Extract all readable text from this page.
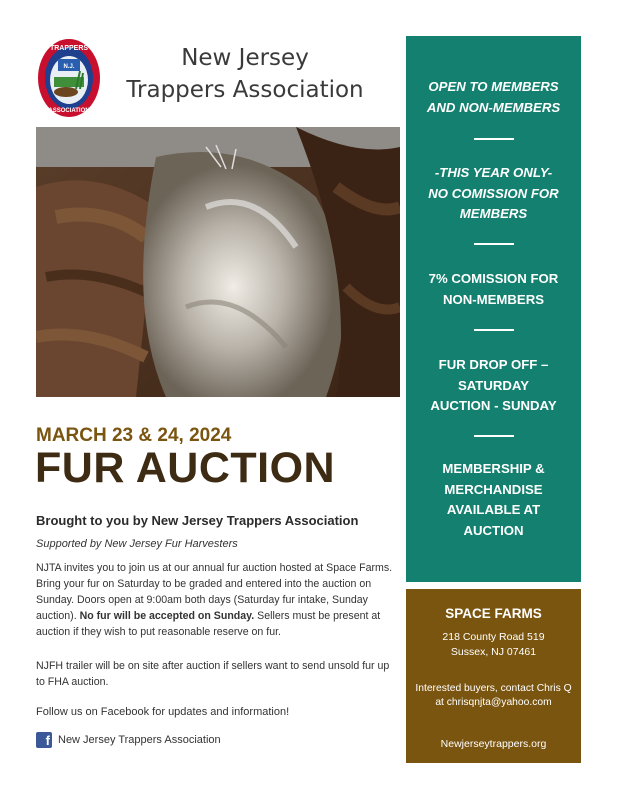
TRAPPERS
N.J.
ASSOCIATION
New Jersey
Trappers Association
MARCH 23 & 24, 2024
FUR AUCTION
Brought to you by New Jersey Trappers Association
Supported by New Jersey Fur Harvesters
NJTA invites you to join us at our annual fur auction hosted at Space Farms. Bring your fur on Saturday to be graded and entered into the auction on Sunday. Doors open at 9:00am both days (Saturday fur intake, Sunday auction). No fur will be accepted on Sunday. Sellers must be present at auction if they wish to put reasonable reserve on fur.
NJFH trailer will be on site after auction if sellers want to send unsold fur up to FHA auction.
Follow us on Facebook for updates and information!
f New Jersey Trappers Association
OPEN TO MEMBERS
AND NON-MEMBERS
-THIS YEAR ONLY-
NO COMISSION FOR
MEMBERS
7% COMISSION FOR
NON-MEMBERS
FUR DROP OFF –
SATURDAY
AUCTION - SUNDAY
MEMBERSHIP &
MERCHANDISE
AVAILABLE AT
AUCTION
SPACE FARMS
218 County Road 519
Sussex, NJ 07461
Interested buyers, contact Chris Q
at chrisqnjta@yahoo.com
Newjerseytrappers.org
